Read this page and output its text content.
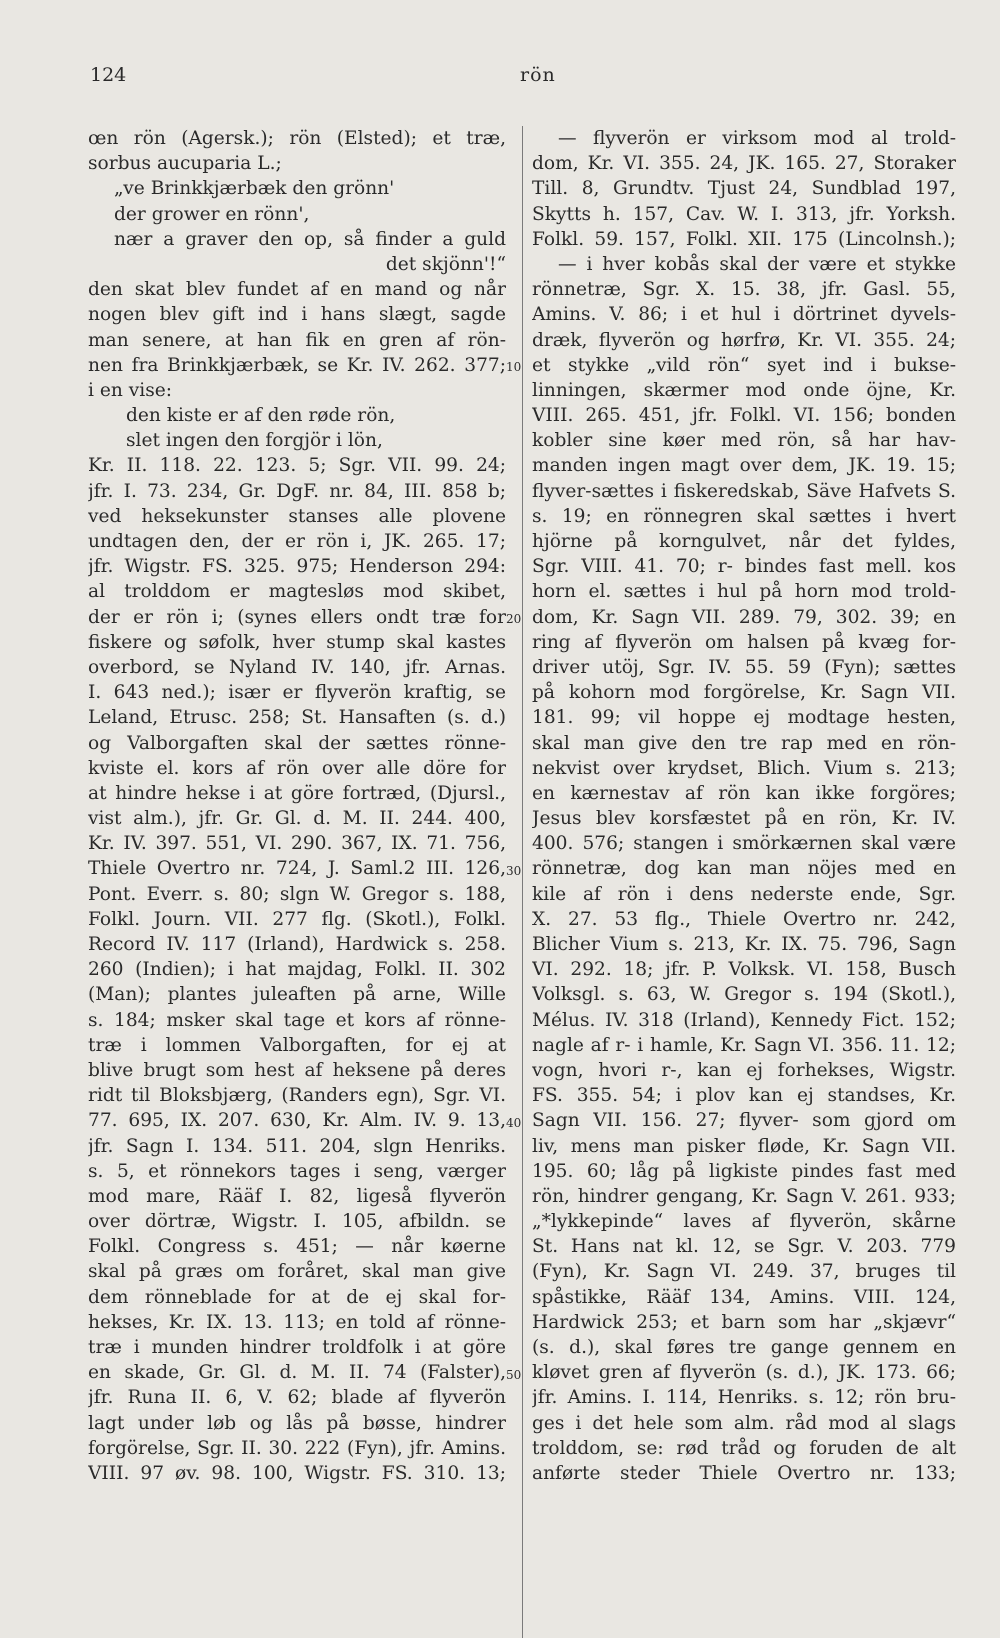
124	rön
œn rön (Agersk.); rön (Elsted); et træ,
sorbus aucuparia L.;
„ve Brinkkjærbæk den grönn'
der grower en rönn',
nær a graver den op, så finder a guld
det skjönn'!“
den skat blev fundet af en mand og når
nogen blev gift ind i hans slægt, sagde
man senere, at han fik en gren af rön-
nen fra Brinkkjærbæk, se Kr. IV. 262. 377;
i en vise:
den kiste er af den røde rön,
slet ingen den forgjör i lön,
Kr. II. 118. 22. 123. 5; Sgr. VII. 99. 24;
jfr. I. 73. 234, Gr. DgF. nr. 84, III. 858 b;
ved heksekunster stanses alle plovene
undtagen den, der er rön i, JK. 265. 17;
jfr. Wigstr. FS. 325. 975; Henderson 294:
al trolddom er magtesløs mod skibet,
der er rön i; (synes ellers ondt træ for
fiskere og søfolk, hver stump skal kastes
overbord, se Nyland IV. 140, jfr. Arnas.
I. 643 ned.); især er flyverön kraftig, se
Leland, Etrusc. 258; St. Hansaften (s. d.)
og Valborgaften skal der sættes rönne-
kviste el. kors af rön over alle döre for
at hindre hekse i at göre fortræd, (Djursl.,
vist alm.), jfr. Gr. Gl. d. M. II. 244. 400,
Kr. IV. 397. 551, VI. 290. 367, IX. 71. 756,
Thiele Overtro nr. 724, J. Saml.2 III. 126,
Pont. Everr. s. 80; slgn W. Gregor s. 188,
Folkl. Journ. VII. 277 flg. (Skotl.), Folkl.
Record IV. 117 (Irland), Hardwick s. 258.
260 (Indien); i hat majdag, Folkl. II. 302
(Man); plantes juleaften på arne, Wille
s. 184; msker skal tage et kors af rönne-
træ i lommen Valborgaften, for ej at
blive brugt som hest af heksene på deres
ridt til Bloksbjærg, (Randers egn), Sgr. VI.
77. 695, IX. 207. 630, Kr. Alm. IV. 9. 13,
jfr. Sagn I. 134. 511. 204, slgn Henriks.
s. 5, et rönnekors tages i seng, værger
mod mare, Rääf I. 82, ligeså flyverön
over dörtræ, Wigstr. I. 105, afbildn. se
Folkl. Congress s. 451; — når køerne
skal på græs om foråret, skal man give
dem rönneblade for at de ej skal for-
hekses, Kr. IX. 13. 113; en told af rönne-
træ i munden hindrer troldfolk i at göre
en skade, Gr. Gl. d. M. II. 74 (Falster),
jfr. Runa II. 6, V. 62; blade af flyverön
lagt under løb og lås på bøsse, hindrer
forgörelse, Sgr. II. 30. 222 (Fyn), jfr. Amins.
VIII. 97 øv. 98. 100, Wigstr. FS. 310. 13;
10
20
30
40
50
— flyverön er virksom mod al trold-
dom, Kr. VI. 355. 24, JK. 165. 27, Storaker
Till. 8, Grundtv. Tjust 24, Sundblad 197,
Skytts h. 157, Cav. W. I. 313, jfr. Yorksh.
Folkl. 59. 157, Folkl. XII. 175 (Lincolnsh.);
— i hver kobås skal der være et stykke
rönnetræ, Sgr. X. 15. 38, jfr. Gasl. 55,
Amins. V. 86; i et hul i dörtrinet dyvels-
dræk, flyverön og hørfrø, Kr. VI. 355. 24;
et stykke „vild rön“ syet ind i bukse-
linningen, skærmer mod onde öjne, Kr.
VIII. 265. 451, jfr. Folkl. VI. 156; bonden
kobler sine køer med rön, så har hav-
manden ingen magt over dem, JK. 19. 15;
flyver-sættes i fiskeredskab, Säve Hafvets S.
s. 19; en rönnegren skal sættes i hvert
hjörne på korngulvet, når det fyldes,
Sgr. VIII. 41. 70; r- bindes fast mell. kos
horn el. sættes i hul på horn mod trold-
dom, Kr. Sagn VII. 289. 79, 302. 39; en
ring af flyverön om halsen på kvæg for-
driver utöj, Sgr. IV. 55. 59 (Fyn); sættes
på kohorn mod forgörelse, Kr. Sagn VII.
181. 99; vil hoppe ej modtage hesten,
skal man give den tre rap med en rön-
nekvist over krydset, Blich. Vium s. 213;
en kærnestav af rön kan ikke forgöres;
Jesus blev korsfæstet på en rön, Kr. IV.
400. 576; stangen i smörkærnen skal være
rönnetræ, dog kan man nöjes med en
kile af rön i dens nederste ende, Sgr.
X. 27. 53 flg., Thiele Overtro nr. 242,
Blicher Vium s. 213, Kr. IX. 75. 796, Sagn
VI. 292. 18; jfr. P. Volksk. VI. 158, Busch
Volksgl. s. 63, W. Gregor s. 194 (Skotl.),
Mélus. IV. 318 (Irland), Kennedy Fict. 152;
nagle af r- i hamle, Kr. Sagn VI. 356. 11. 12;
vogn, hvori r-, kan ej forhekses, Wigstr.
FS. 355. 54; i plov kan ej standses, Kr.
Sagn VII. 156. 27; flyver- som gjord om
liv, mens man pisker fløde, Kr. Sagn VII.
195. 60; låg på ligkiste pindes fast med
rön, hindrer gengang, Kr. Sagn V. 261. 933;
„*lykkepinde“ laves af flyverön, skårne
St. Hans nat kl. 12, se Sgr. V. 203. 779
(Fyn), Kr. Sagn VI. 249. 37, bruges til
spåstikke, Rääf 134, Amins. VIII. 124,
Hardwick 253; et barn som har „skjævr“
(s. d.), skal føres tre gange gennem en
kløvet gren af flyverön (s. d.), JK. 173. 66;
jfr. Amins. I. 114, Henriks. s. 12; rön bru-
ges i det hele som alm. råd mod al slags
trolddom, se: rød tråd og foruden de alt
anførte steder Thiele Overtro nr. 133;
